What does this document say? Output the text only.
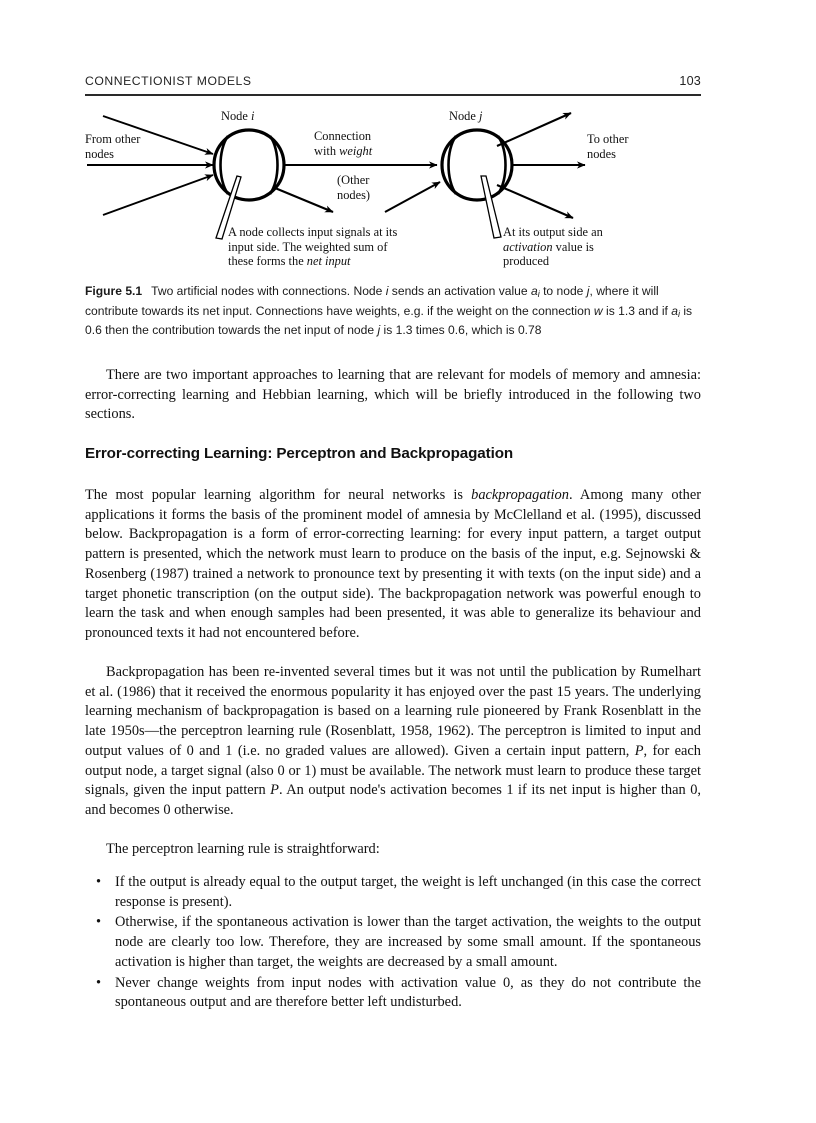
CONNECTIONIST MODELS	103
From other
nodes
Node i
Connection
with weight
(Other
nodes)
Node j
To other
nodes
A node collects input signals at its
input side. The weighted sum of
these forms the net input
At its output side an
activation value is
produced
Figure 5.1 Two artificial nodes with connections. Node i sends an activation value $a_i$ to node j, where it will contribute towards its net input. Connections have weights, e.g. if the weight on the connection w is 1.3 and if $a_i$ is 0.6 then the contribution towards the net input of node j is 1.3 times 0.6, which is 0.78
There are two important approaches to learning that are relevant for models of memory and amnesia: error-correcting learning and Hebbian learning, which will be briefly introduced in the following two sections.
Error-correcting Learning: Perceptron and Backpropagation
The most popular learning algorithm for neural networks is backpropagation. Among many other applications it forms the basis of the prominent model of amnesia by McClelland et al. (1995), discussed below. Backpropagation is a form of error-correcting learning: for every input pattern, a target output pattern is presented, which the network must learn to produce on the basis of the input, e.g. Sejnowski & Rosenberg (1987) trained a network to pronounce text by presenting it with texts (on the input side) and a target phonetic transcription (on the output side). The backpropagation network was powerful enough to learn the task and when enough samples had been presented, it was able to generalize its behaviour and pronounced texts it had not encountered before.
Backpropagation has been re-invented several times but it was not until the publication by Rumelhart et al. (1986) that it received the enormous popularity it has enjoyed over the past 15 years. The underlying learning mechanism of backpropagation is based on a learning rule pioneered by Frank Rosenblatt in the late 1950s—the perceptron learning rule (Rosenblatt, 1958, 1962). The perceptron is limited to input and output values of 0 and 1 (i.e. no graded values are allowed). Given a certain input pattern, P, for each output node, a target signal (also 0 or 1) must be available. The network must learn to produce these target signals, given the input pattern P. An output node's activation becomes 1 if its net input is higher than 0, and becomes 0 otherwise.
The perceptron learning rule is straightforward:
• If the output is already equal to the output target, the weight is left unchanged (in this case the correct response is present).
• Otherwise, if the spontaneous activation is lower than the target activation, the weights to the output node are clearly too low. Therefore, they are increased by some small amount. If the spontaneous activation is higher than target, the weights are decreased by a small amount.
• Never change weights from input nodes with activation value 0, as they do not contribute the spontaneous output and are therefore better left undisturbed.
